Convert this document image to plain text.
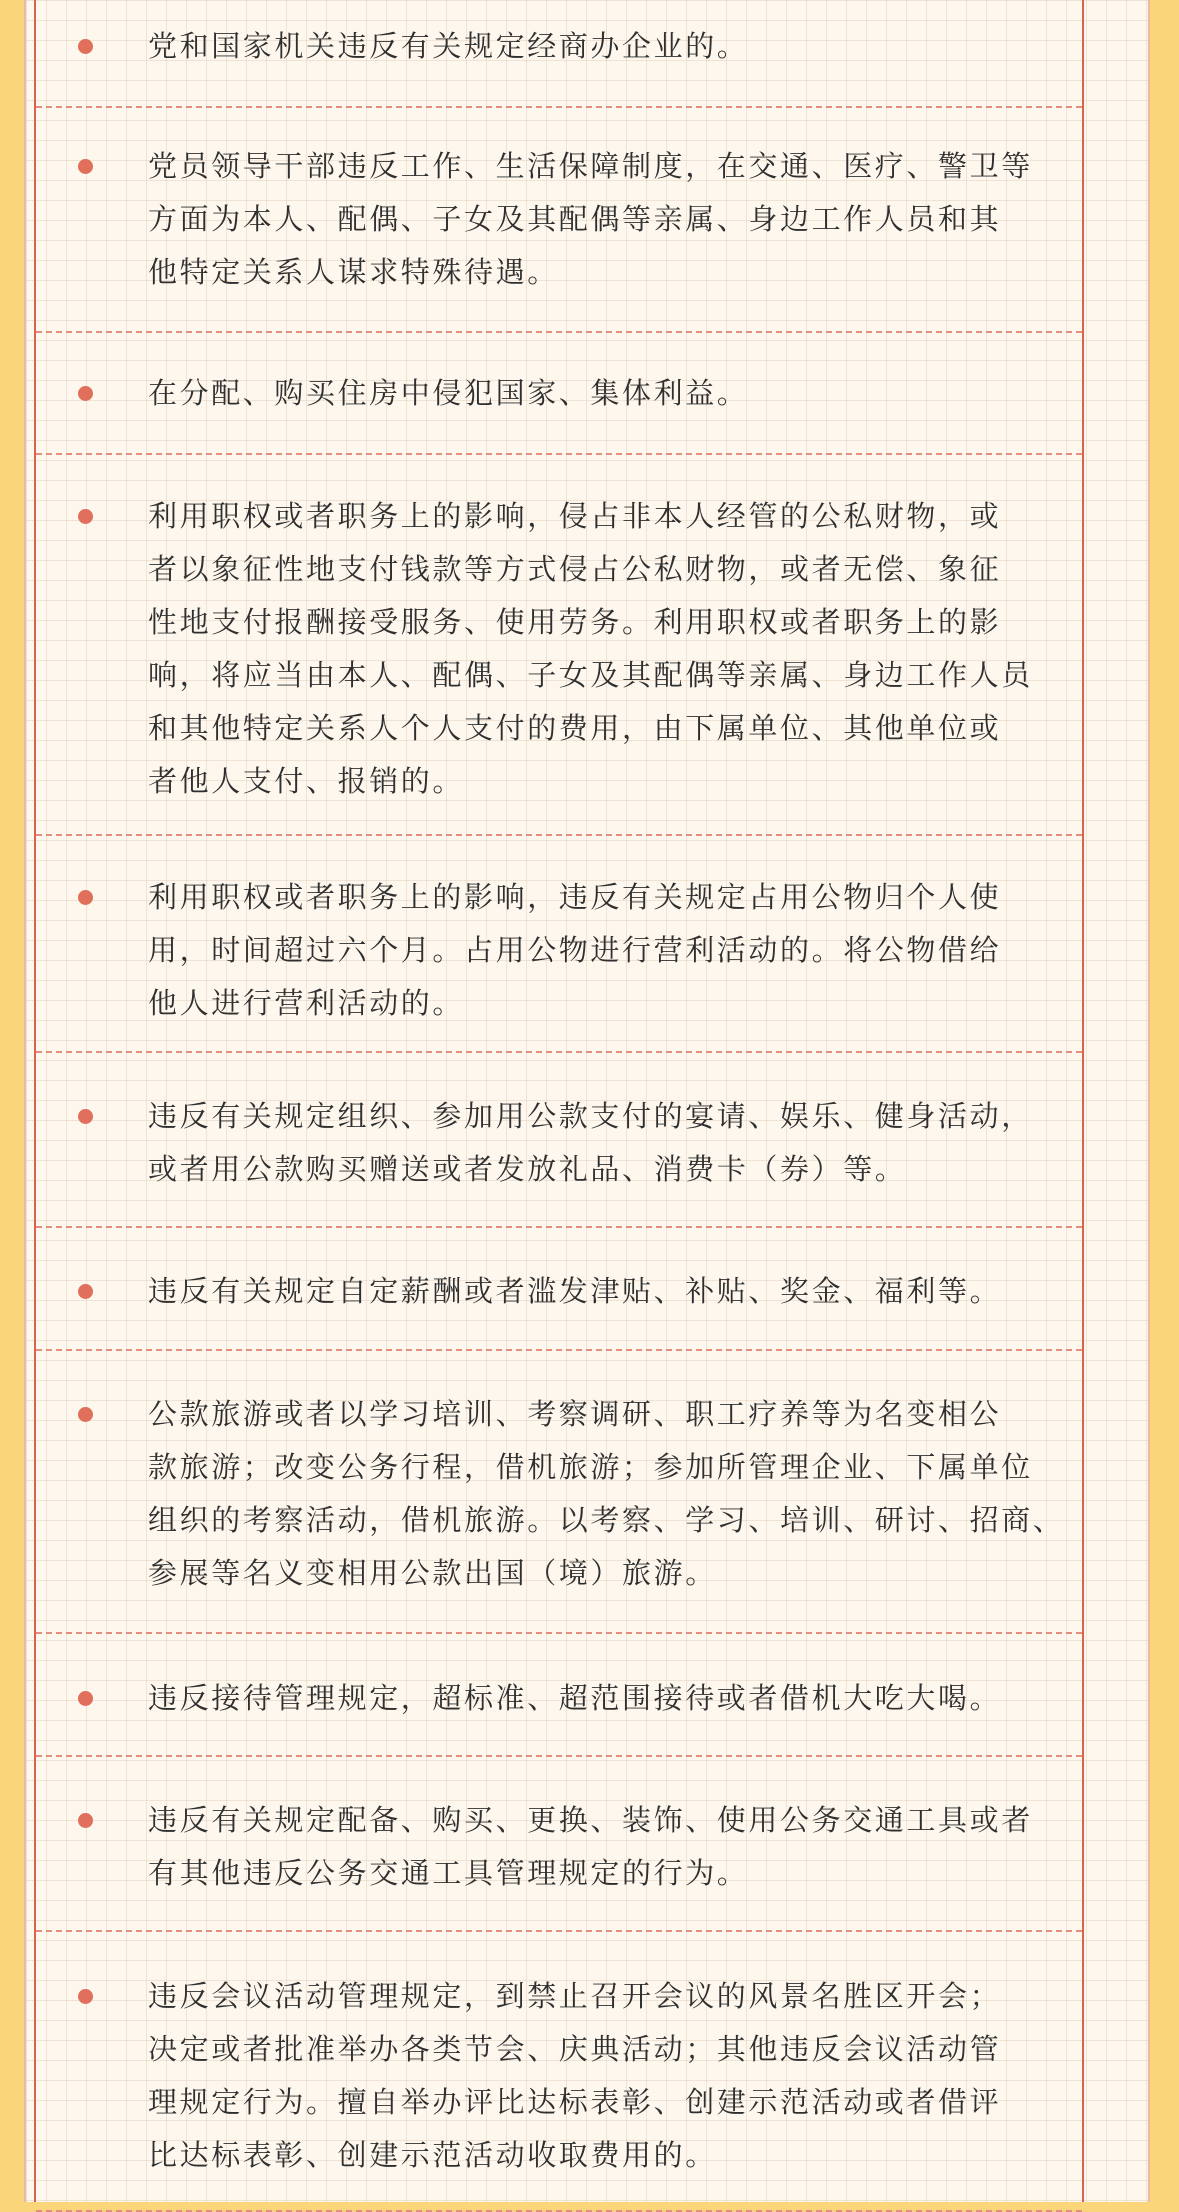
党和国家机关违反有关规定经商办企业的。
党员领导干部违反工作、生活保障制度，在交通、医疗、警卫等
方面为本人、配偶、子女及其配偶等亲属、身边工作人员和其
他特定关系人谋求特殊待遇。
在分配、购买住房中侵犯国家、集体利益。
利用职权或者职务上的影响，侵占非本人经管的公私财物，或
者以象征性地支付钱款等方式侵占公私财物，或者无偿、象征
性地支付报酬接受服务、使用劳务。利用职权或者职务上的影
响，将应当由本人、配偶、子女及其配偶等亲属、身边工作人员
和其他特定关系人个人支付的费用，由下属单位、其他单位或
者他人支付、报销的。
利用职权或者职务上的影响，违反有关规定占用公物归个人使
用，时间超过六个月。占用公物进行营利活动的。将公物借给
他人进行营利活动的。
违反有关规定组织、参加用公款支付的宴请、娱乐、健身活动，
或者用公款购买赠送或者发放礼品、消费卡（券）等。
违反有关规定自定薪酬或者滥发津贴、补贴、奖金、福利等。
公款旅游或者以学习培训、考察调研、职工疗养等为名变相公
款旅游；改变公务行程，借机旅游；参加所管理企业、下属单位
组织的考察活动，借机旅游。以考察、学习、培训、研讨、招商、
参展等名义变相用公款出国（境）旅游。
违反接待管理规定，超标准、超范围接待或者借机大吃大喝。
违反有关规定配备、购买、更换、装饰、使用公务交通工具或者
有其他违反公务交通工具管理规定的行为。
违反会议活动管理规定，到禁止召开会议的风景名胜区开会；
决定或者批准举办各类节会、庆典活动；其他违反会议活动管
理规定行为。擅自举办评比达标表彰、创建示范活动或者借评
比达标表彰、创建示范活动收取费用的。
